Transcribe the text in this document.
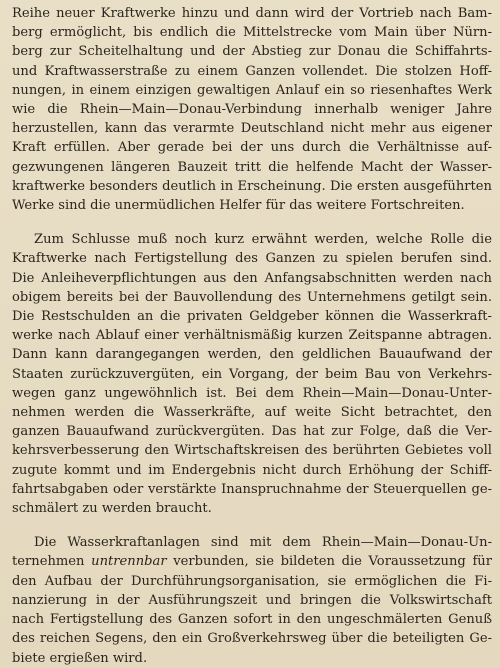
Reihe neuer Kraftwerke hinzu und dann wird der Vortrieb nach Bam-
berg ermöglicht, bis endlich die Mittelstrecke vom Main über Nürn-
berg zur Scheitelhaltung und der Abstieg zur Donau die Schiffahrts-
und Kraftwasserstraße zu einem Ganzen vollendet. Die stolzen Hoff-
nungen, in einem einzigen gewaltigen Anlauf ein so riesenhaftes Werk
wie die Rhein—Main—Donau-Verbindung innerhalb weniger Jahre
herzustellen, kann das verarmte Deutschland nicht mehr aus eigener
Kraft erfüllen. Aber gerade bei der uns durch die Verhältnisse auf-
gezwungenen längeren Bauzeit tritt die helfende Macht der Wasser-
kraftwerke besonders deutlich in Erscheinung. Die ersten ausgeführten
Werke sind die unermüdlichen Helfer für das weitere Fortschreiten.
Zum Schlusse muß noch kurz erwähnt werden, welche Rolle die
Kraftwerke nach Fertigstellung des Ganzen zu spielen berufen sind.
Die Anleiheverpflichtungen aus den Anfangsabschnitten werden nach
obigem bereits bei der Bauvollendung des Unternehmens getilgt sein.
Die Restschulden an die privaten Geldgeber können die Wasserkraft-
werke nach Ablauf einer verhältnismäßig kurzen Zeitspanne abtragen.
Dann kann darangegangen werden, den geldlichen Bauaufwand der
Staaten zurückzuvergüten, ein Vorgang, der beim Bau von Verkehrs-
wegen ganz ungewöhnlich ist. Bei dem Rhein—Main—Donau-Unter-
nehmen werden die Wasserkräfte, auf weite Sicht betrachtet, den
ganzen Bauaufwand zurückvergüten. Das hat zur Folge, daß die Ver-
kehrsverbesserung den Wirtschaftskreisen des berührten Gebietes voll
zugute kommt und im Endergebnis nicht durch Erhöhung der Schiff-
fahrtsabgaben oder verstärkte Inanspruchnahme der Steuerquellen ge-
schmälert zu werden braucht.
Die Wasserkraftanlagen sind mit dem Rhein—Main—Donau-Un-
ternehmen untrennbar verbunden, sie bildeten die Voraussetzung für
den Aufbau der Durchführungsorganisation, sie ermöglichen die Fi-
nanzierung in der Ausführungszeit und bringen die Volkswirtschaft
nach Fertigstellung des Ganzen sofort in den ungeschmälerten Genuß
des reichen Segens, den ein Großverkehrsweg über die beteiligten Ge-
biete ergießen wird.
